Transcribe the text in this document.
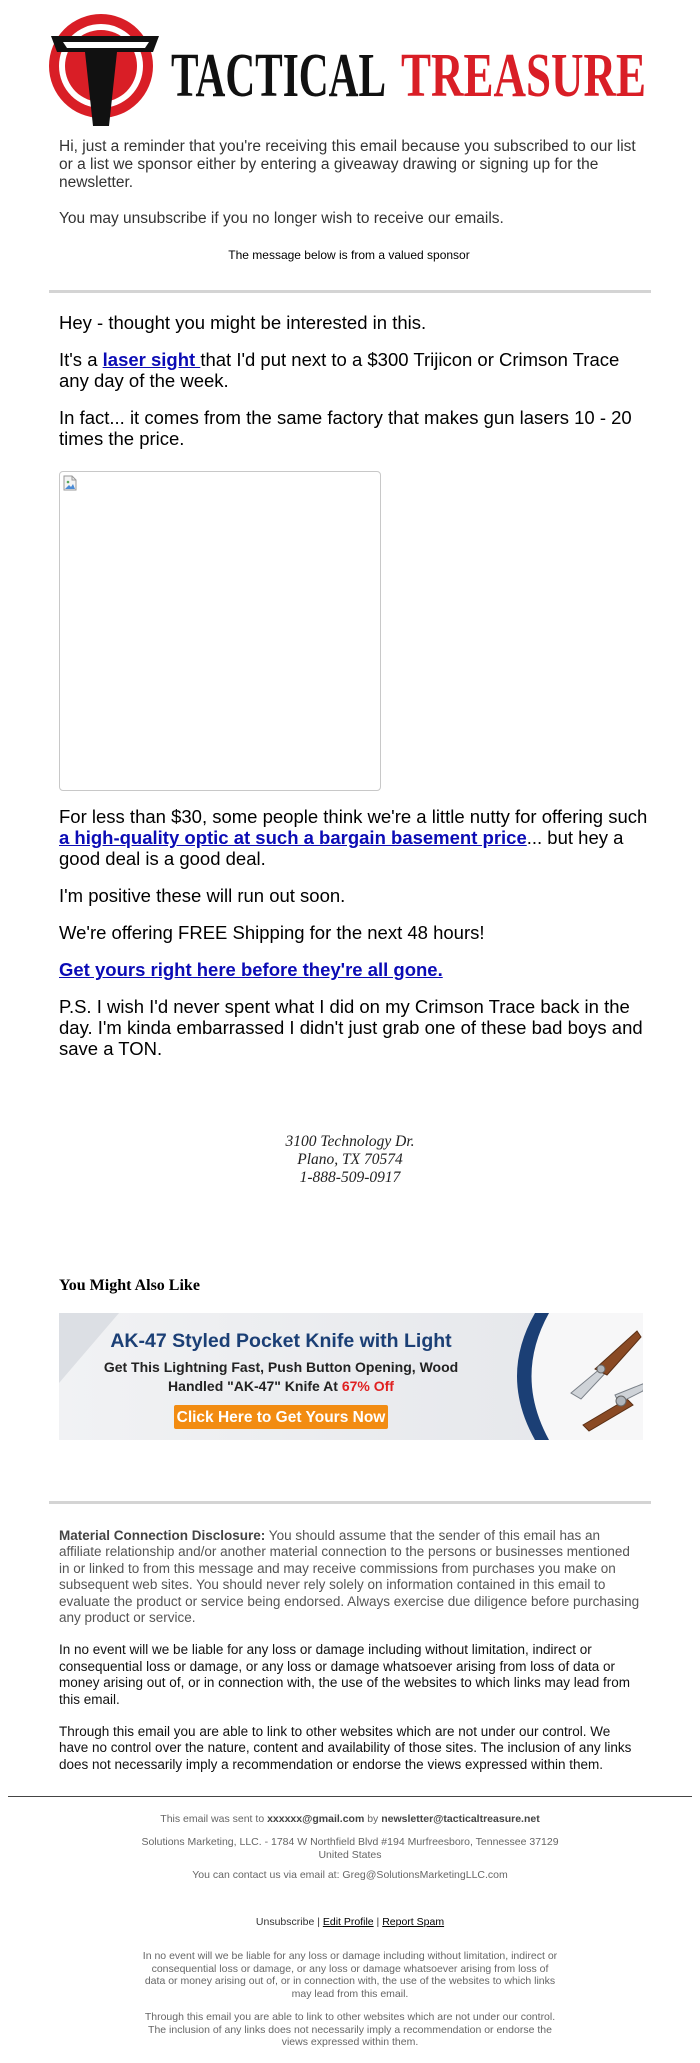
TACTICAL TREASURE

Hi, just a reminder that you're receiving this email because you subscribed to our list or a list we sponsor either by entering a giveaway drawing or signing up for the newsletter.

You may unsubscribe if you no longer wish to receive our emails.

The message below is from a valued sponsor

Hey - thought you might be interested in this.

It's a laser sight that I'd put next to a $300 Trijicon or Crimson Trace any day of the week.

In fact... it comes from the same factory that makes gun lasers 10 - 20 times the price.

For less than $30, some people think we're a little nutty for offering such a high-quality optic at such a bargain basement price... but hey a good deal is a good deal.

I'm positive these will run out soon.

We're offering FREE Shipping for the next 48 hours!

Get yours right here before they're all gone.

P.S. I wish I'd never spent what I did on my Crimson Trace back in the day. I'm kinda embarrassed I didn't just grab one of these bad boys and save a TON.

3100 Technology Dr.
Plano, TX 70574
1-888-509-0917
You Might Also Like
AK-47 Styled Pocket Knife with Light
Get This Lightning Fast, Push Button Opening, Wood
Handled "AK-47" Knife At 67% Off
Click Here to Get Yours Now

Material Connection Disclosure: You should assume that the sender of this email has an affiliate relationship and/or another material connection to the persons or businesses mentioned in or linked to from this message and may receive commissions from purchases you make on subsequent web sites. You should never rely solely on information contained in this email to evaluate the product or service being endorsed. Always exercise due diligence before purchasing any product or service.

In no event will we be liable for any loss or damage including without limitation, indirect or consequential loss or damage, or any loss or damage whatsoever arising from loss of data or money arising out of, or in connection with, the use of the websites to which links may lead from this email.

Through this email you are able to link to other websites which are not under our control. We have no control over the nature, content and availability of those sites. The inclusion of any links does not necessarily imply a recommendation or endorse the views expressed within them.

This email was sent to xxxxxx@gmail.com by newsletter@tacticaltreasure.net
Solutions Marketing, LLC. - 1784 W Northfield Blvd #194 Murfreesboro, Tennessee 37129 United States
You can contact us via email at: Greg@SolutionsMarketingLLC.com
Unsubscribe | Edit Profile | Report Spam
In no event will we be liable for any loss or damage including without limitation, indirect or consequential loss or damage, or any loss or damage whatsoever arising from loss of data or money arising out of, or in connection with, the use of the websites to which links may lead from this email.
Through this email you are able to link to other websites which are not under our control. The inclusion of any links does not necessarily imply a recommendation or endorse the views expressed within them.
